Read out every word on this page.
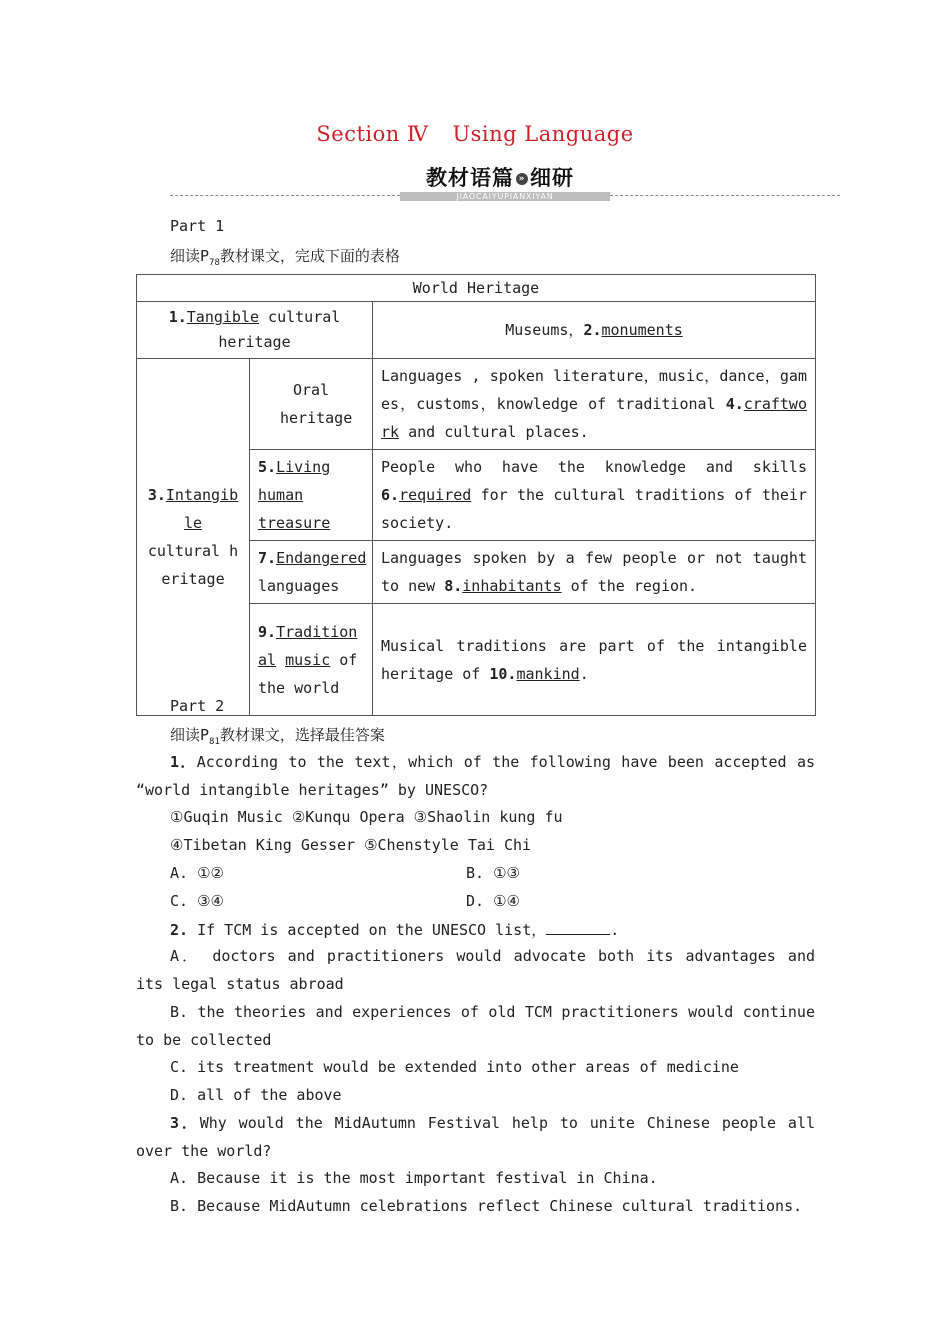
Section Ⅳ Using Language
教材语篇 » 细研
JIAOCAIYUPIANXIYAN
Part 1
细读$P_{78}$教材课文，完成下面的表格
World Heritage		
1.Tangible cultural heritage		Museums，2.monuments
3.Intangible
cultural heritage	Oral heritage	Languages , spoken literature，music，dance，games，customs，knowledge of traditional 4.craftwork and cultural places.
	5.Living human treasure	People who have the knowledge and skills 6.required for the cultural traditions of their society.
	7.Endangered languages	Languages spoken by a few people or not taught to new 8.inhabitants of the region.
	9.Traditional music of the world	Musical traditions are part of the intangible heritage of 10.mankind.
Part 2
细读$P_{81}$教材课文，选择最佳答案
1．According to the text，which of the following have been accepted as “world intangible heritages” by UNESCO?
①Guqin Music ②Kunqu Opera ③Shaolin kung fu
④Tibetan King Gesser ⑤Chenstyle Tai Chi
A. ①②	B. ①③
C. ③④	D. ①④
2. If TCM is accepted on the UNESCO list，	.
A． doctors and practitioners would advocate both its advantages and its legal status abroad
B. the theories and experiences of old TCM practitioners would continue to be collected
C. its treatment would be extended into other areas of medicine
D. all of the above
3．Why would the MidAutumn Festival help to unite Chinese people all over the world?
A. Because it is the most important festival in China.
B. Because MidAutumn celebrations reflect Chinese cultural traditions.
